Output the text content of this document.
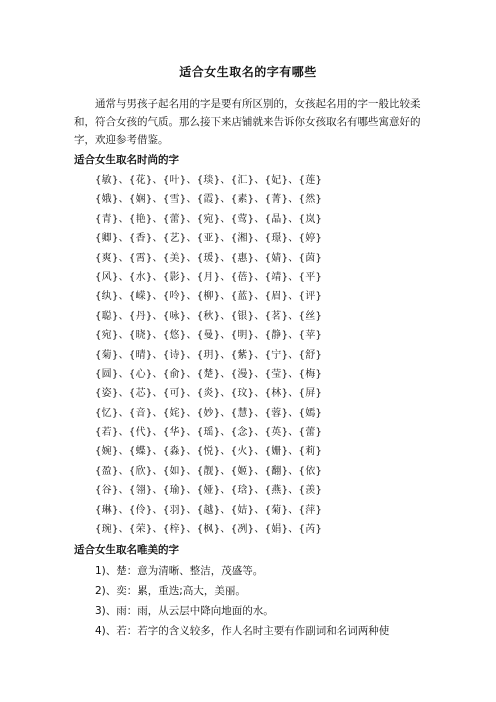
适合女生取名的字有哪些

通常与男孩子起名用的字是要有所区别的，女孩起名用的字一般比较柔和，符合女孩的气质。那么接下来店铺就来告诉你女孩取名有哪些寓意好的字，欢迎参考借鉴。

适合女生取名时尚的字

{敏}、{花}、{叶}、{琰}、{汇}、{妃}、{莲}
{娥}、{娴}、{雪}、{霞}、{素}、{菁}、{然}
{青}、{艳}、{蕾}、{宛}、{莺}、{晶}、{岚}
{卿}、{香}、{艺}、{亚}、{湘}、{璟}、{婷}
{爽}、{霄}、{美}、{瑗}、{惠}、{婧}、{茵}
{风}、{水}、{影}、{月}、{蓓}、{靖}、{平}
{纨}、{嵘}、{呤}、{柳}、{蓝}、{眉}、{评}
{聪}、{丹}、{咏}、{秋}、{银}、{茗}、{丝}
{宛}、{晓}、{悠}、{曼}、{明}、{静}、{苹}
{菊}、{晴}、{诗}、{玥}、{紫}、{宁}、{舒}
{圆}、{心}、{俞}、{楚}、{漫}、{莹}、{梅}
{姿}、{芯}、{可}、{炎}、{玟}、{林}、{屏}
{忆}、{音}、{姹}、{妙}、{慧}、{蓉}、{嫣}
{若}、{代}、{华}、{瑶}、{念}、{英}、{蕾}
{婉}、{蝶}、{淼}、{悦}、{火}、{姗}、{莉}
{盈}、{欣}、{如}、{靓}、{姬}、{翻}、{依}
{谷}、{翎}、{瑜}、{娅}、{琀}、{燕}、{羡}
{琳}、{伶}、{羽}、{越}、{姞}、{菊}、{萍}
{琬}、{荣}、{梓}、{枫}、{冽}、{娟}、{芮}

适合女生取名唯美的字

1)、楚：意为清晰、整洁，茂盛等。
2)、奕：累，重迭;高大，美丽。
3)、雨：雨，从云层中降向地面的水。
4)、若：若字的含义较多，作人名时主要有作副词和名词两种使
